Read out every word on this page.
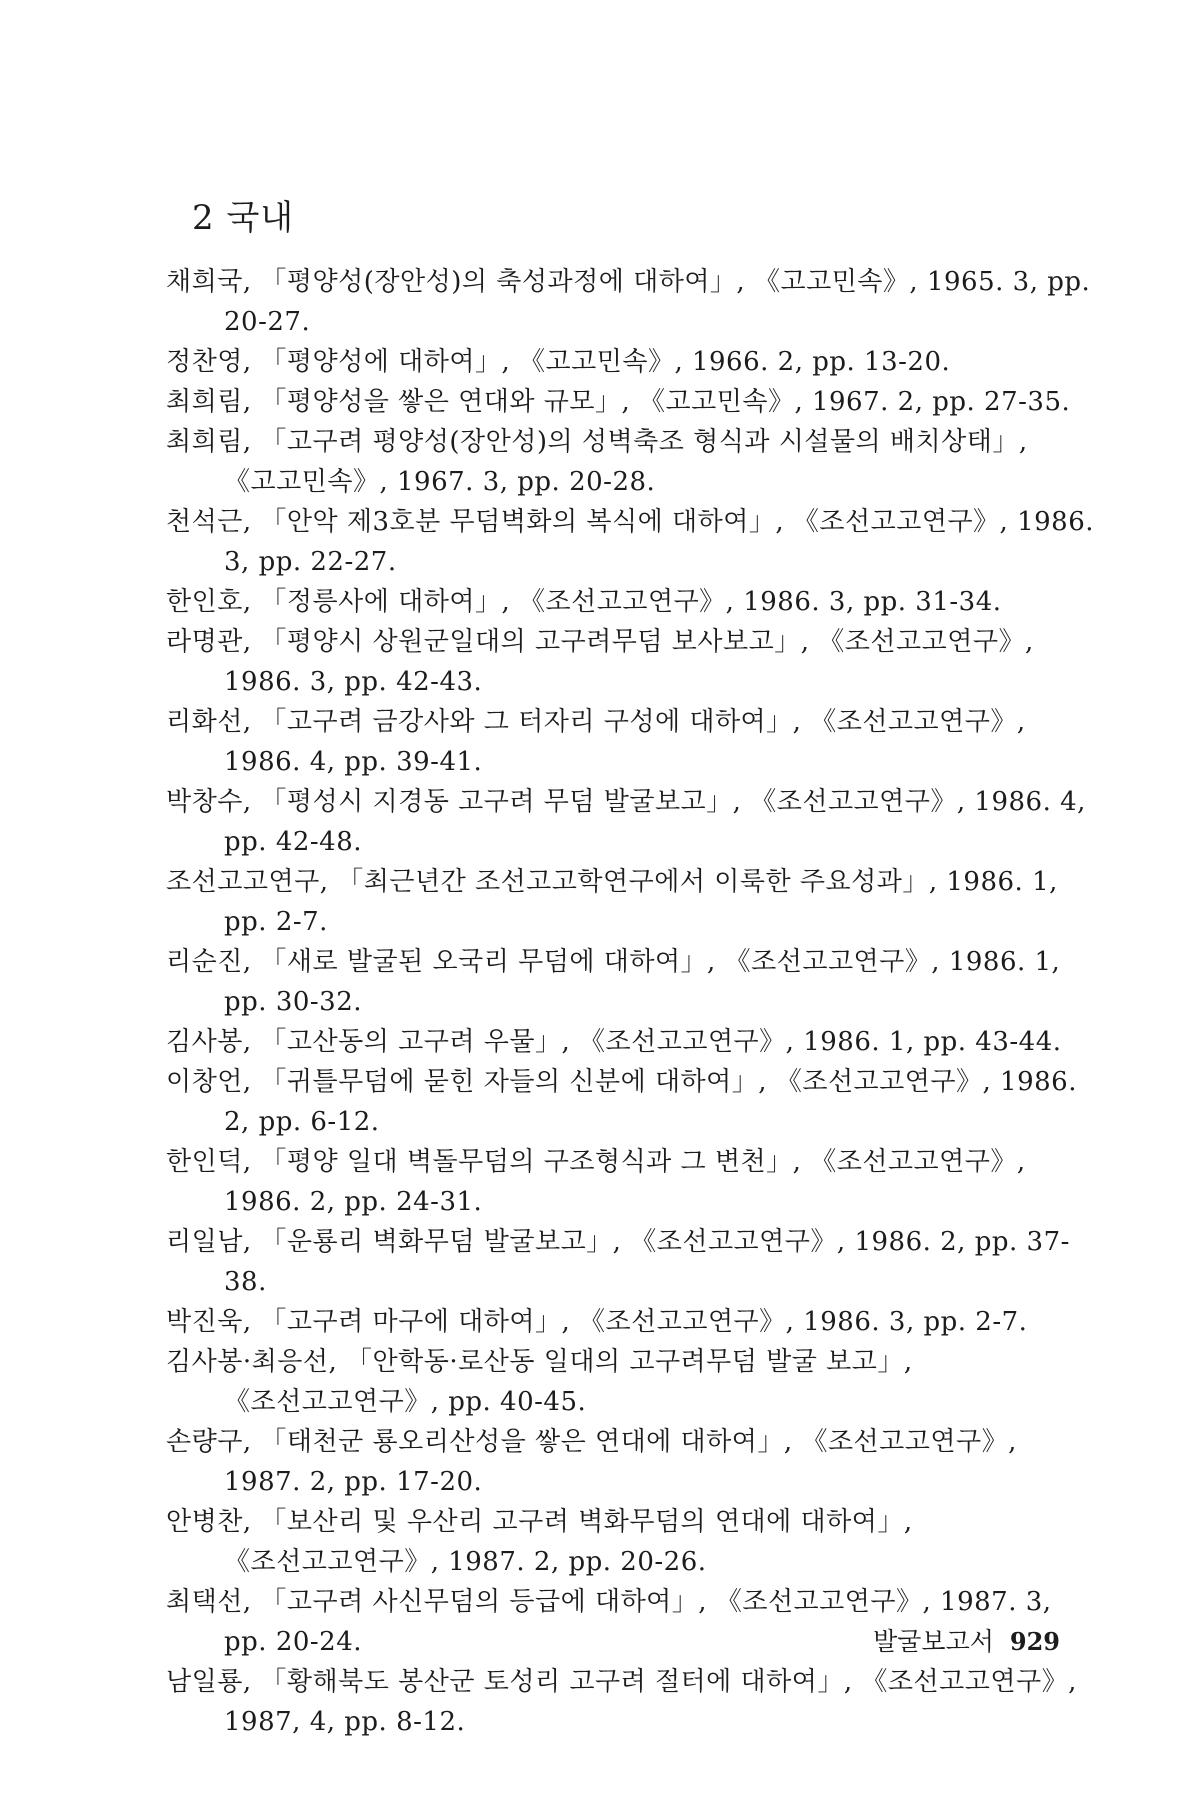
2 국내
채희국, 「평양성(장안성)의 축성과정에 대하여」, 《고고민속》, 1965. 3, pp. 20-27.
정찬영, 「평양성에 대하여」, 《고고민속》, 1966. 2, pp. 13-20.
최희림, 「평양성을 쌓은 연대와 규모」, 《고고민속》, 1967. 2, pp. 27-35.
최희림, 「고구려 평양성(장안성)의 성벽축조 형식과 시설물의 배치상태」, 《고고민속》, 1967. 3, pp. 20-28.
천석근, 「안악 제3호분 무덤벽화의 복식에 대하여」, 《조선고고연구》, 1986. 3, pp. 22-27.
한인호, 「정릉사에 대하여」, 《조선고고연구》, 1986. 3, pp. 31-34.
라명관, 「평양시 상원군일대의 고구려무덤 보사보고」, 《조선고고연구》, 1986. 3, pp. 42-43.
리화선, 「고구려 금강사와 그 터자리 구성에 대하여」, 《조선고고연구》, 1986. 4, pp. 39-41.
박창수, 「평성시 지경동 고구려 무덤 발굴보고」, 《조선고고연구》, 1986. 4, pp. 42-48.
조선고고연구, 「최근년간 조선고고학연구에서 이룩한 주요성과」, 1986. 1, pp. 2-7.
리순진, 「새로 발굴된 오국리 무덤에 대하여」, 《조선고고연구》, 1986. 1, pp. 30-32.
김사봉, 「고산동의 고구려 우물」, 《조선고고연구》, 1986. 1, pp. 43-44.
이창언, 「귀틀무덤에 묻힌 자들의 신분에 대하여」, 《조선고고연구》, 1986. 2, pp. 6-12.
한인덕, 「평양 일대 벽돌무덤의 구조형식과 그 변천」, 《조선고고연구》, 1986. 2, pp. 24-31.
리일남, 「운룡리 벽화무덤 발굴보고」, 《조선고고연구》, 1986. 2, pp. 37-38.
박진욱, 「고구려 마구에 대하여」, 《조선고고연구》, 1986. 3, pp. 2-7.
김사봉·최응선, 「안학동·로산동 일대의 고구려무덤 발굴 보고」, 《조선고고연구》, pp. 40-45.
손량구, 「태천군 룡오리산성을 쌓은 연대에 대하여」, 《조선고고연구》, 1987. 2, pp. 17-20.
안병찬, 「보산리 및 우산리 고구려 벽화무덤의 연대에 대하여」, 《조선고고연구》, 1987. 2, pp. 20-26.
최택선, 「고구려 사신무덤의 등급에 대하여」, 《조선고고연구》, 1987. 3, pp. 20-24.
남일룡, 「황해북도 봉산군 토성리 고구려 절터에 대하여」, 《조선고고연구》, 1987, 4, pp. 8-12.
발굴보고서 929
